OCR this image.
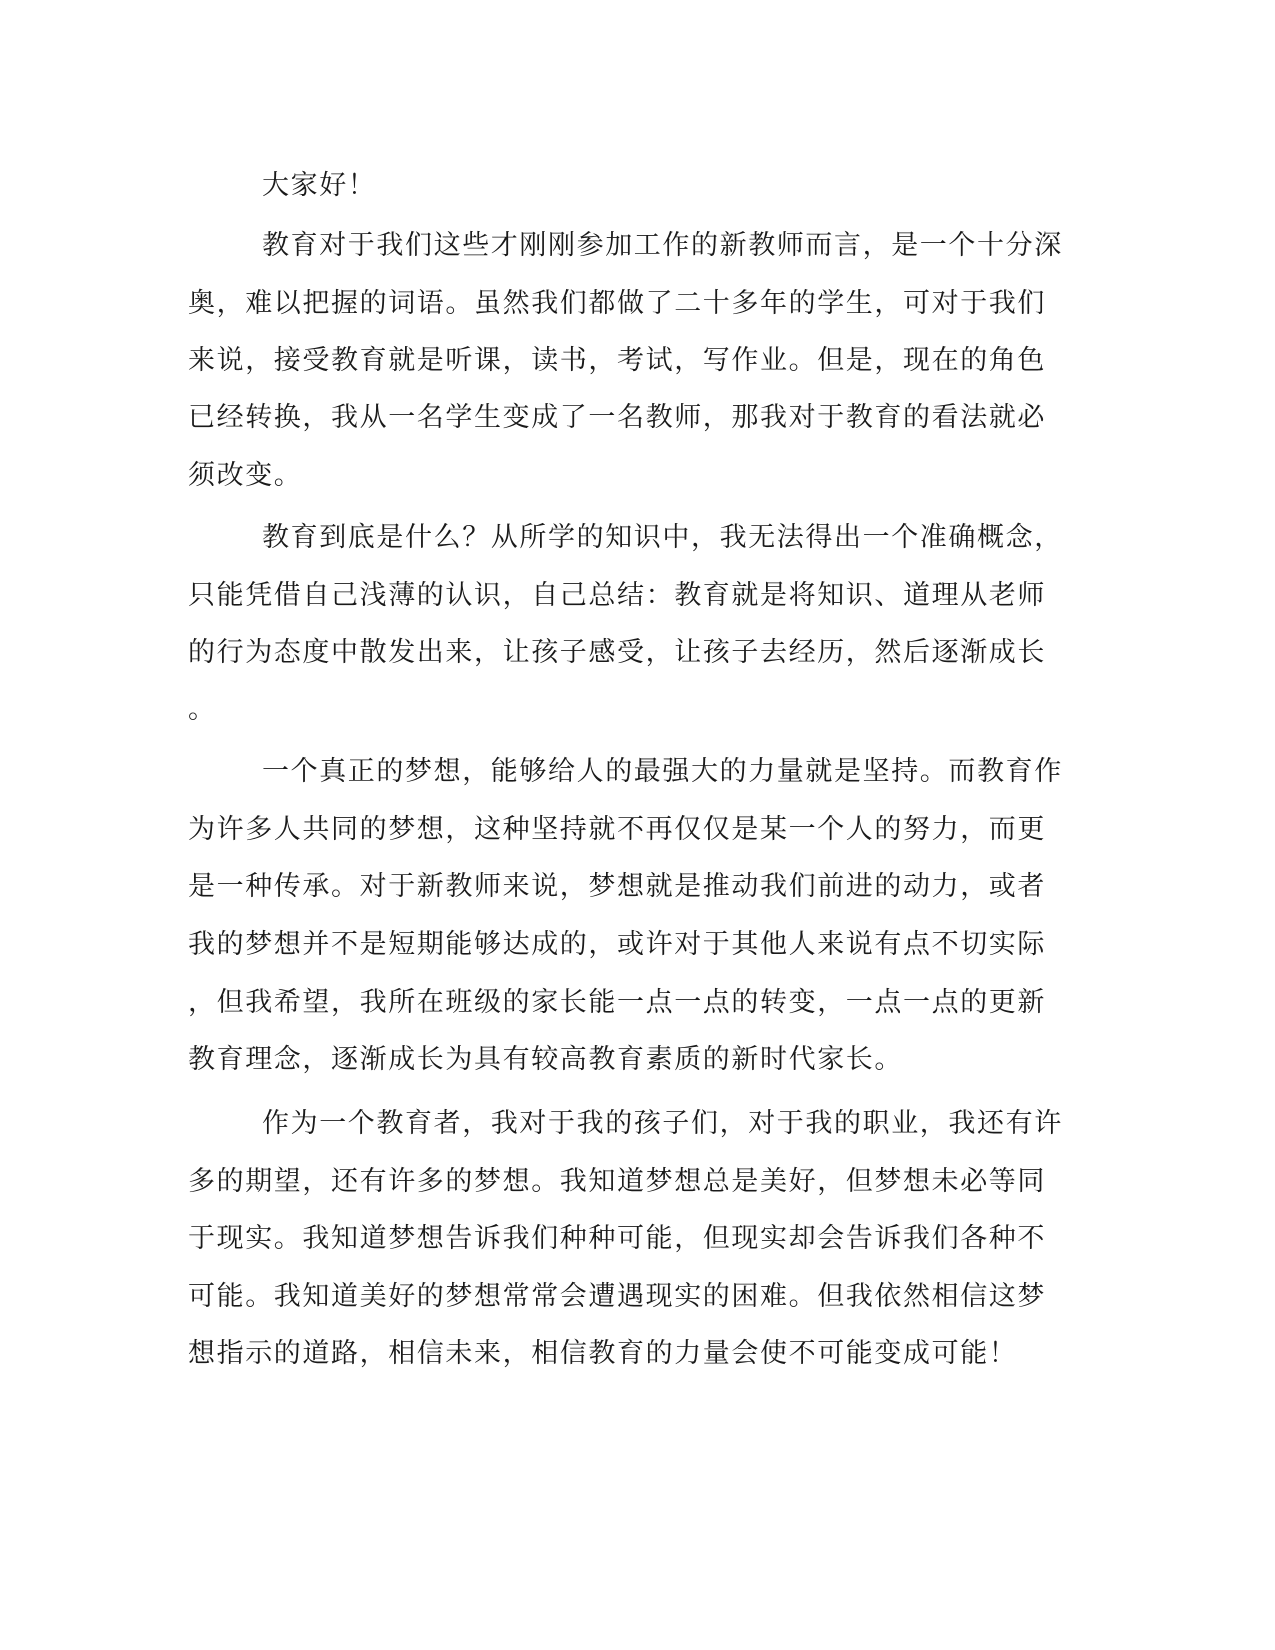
大家好！

教育对于我们这些才刚刚参加工作的新教师而言，是一个十分深

奥，难以把握的词语。虽然我们都做了二十多年的学生，可对于我们

来说，接受教育就是听课，读书，考试，写作业。但是，现在的角色

已经转换，我从一名学生变成了一名教师，那我对于教育的看法就必

须改变。

教育到底是什么？从所学的知识中，我无法得出一个准确概念，

只能凭借自己浅薄的认识，自己总结：教育就是将知识、道理从老师

的行为态度中散发出来，让孩子感受，让孩子去经历，然后逐渐成长

。

一个真正的梦想，能够给人的最强大的力量就是坚持。而教育作

为许多人共同的梦想，这种坚持就不再仅仅是某一个人的努力，而更

是一种传承。对于新教师来说，梦想就是推动我们前进的动力，或者

我的梦想并不是短期能够达成的，或许对于其他人来说有点不切实际

，但我希望，我所在班级的家长能一点一点的转变，一点一点的更新

教育理念，逐渐成长为具有较高教育素质的新时代家长。

作为一个教育者，我对于我的孩子们，对于我的职业，我还有许

多的期望，还有许多的梦想。我知道梦想总是美好，但梦想未必等同

于现实。我知道梦想告诉我们种种可能，但现实却会告诉我们各种不

可能。我知道美好的梦想常常会遭遇现实的困难。但我依然相信这梦

想指示的道路，相信未来，相信教育的力量会使不可能变成可能！
